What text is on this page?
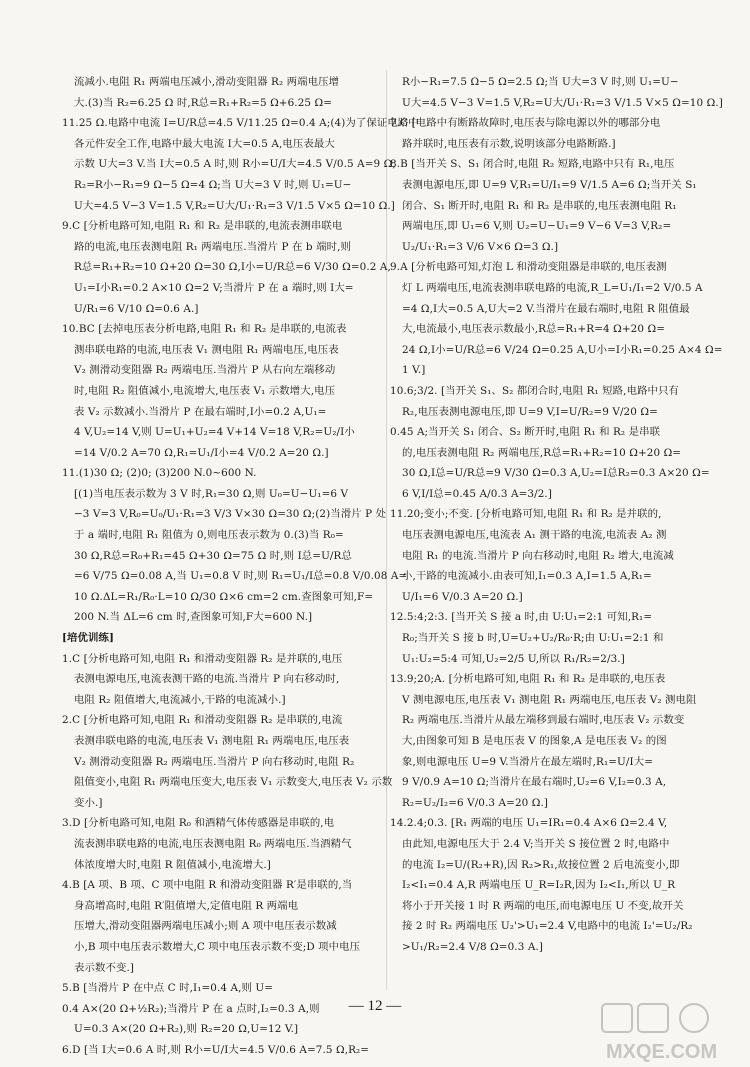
流减小.电阻 R₁ 两端电压减小,滑动变阻器 R₂ 两端电压增

大.(3)当 R₂=6.25 Ω 时,R总=R₁+R₂=5 Ω+6.25 Ω=

11.25 Ω.电路中电流 I=U/R总=4.5 V/11.25 Ω=0.4 A;(4)为了保证电路中

各元件安全工作,电路中最大电流 I大=0.5 A,电压表最大

示数 U大=3 V.当 I大=0.5 A 时,则 R小=U/I大=4.5 V/0.5 A=9 Ω,

R₂=R小−R₁=9 Ω−5 Ω=4 Ω;当 U大=3 V 时,则 U₁=U−

U大=4.5 V−3 V=1.5 V,R₂=U大/U₁·R₁=3 V/1.5 V×5 Ω=10 Ω.]

9.C [分析电路可知,电阻 R₁ 和 R₂ 是串联的,电流表测串联电

路的电流,电压表测电阻 R₁ 两端电压.当滑片 P 在 b 端时,则

R总=R₁+R₂=10 Ω+20 Ω=30 Ω,I小=U/R总=6 V/30 Ω=0.2 A,

U₁=I小R₁=0.2 A×10 Ω=2 V;当滑片 P 在 a 端时,则 I大=

U/R₁=6 V/10 Ω=0.6 A.]

10.BC [去掉电压表分析电路,电阻 R₁ 和 R₂ 是串联的,电流表

测串联电路的电流,电压表 V₁ 测电阻 R₁ 两端电压,电压表

V₂ 测滑动变阻器 R₂ 两端电压.当滑片 P 从右向左端移动

时,电阻 R₂ 阻值减小,电流增大,电压表 V₁ 示数增大,电压

表 V₂ 示数减小.当滑片 P 在最右端时,I小=0.2 A,U₁=

4 V,U₂=14 V,则 U=U₁+U₂=4 V+14 V=18 V,R₂=U₂/I小

=14 V/0.2 A=70 Ω,R₁=U₁/I小=4 V/0.2 A=20 Ω.]

11.(1)30 Ω; (2)0; (3)200 N.0~600 N.

[(1)当电压表示数为 3 V 时,R₁=30 Ω,则 U₀=U−U₁=6 V

−3 V=3 V,R₀=U₀/U₁·R₁=3 V/3 V×30 Ω=30 Ω;(2)当滑片 P 处

于 a 端时,电阻 R₁ 阻值为 0,则电压表示数为 0.(3)当 R₀=

30 Ω,R总=R₀+R₁=45 Ω+30 Ω=75 Ω 时,则 I总=U/R总

=6 V/75 Ω=0.08 A,当 U₁=0.8 V 时,则 R₁=U₁/I总=0.8 V/0.08 A=

10 Ω.ΔL=R₁/R₀·L=10 Ω/30 Ω×6 cm=2 cm.查图象可知,F=

200 N.当 ΔL=6 cm 时,查图象可知,F大=600 N.]

[培优训练]

1.C [分析电路可知,电阻 R₁ 和滑动变阻器 R₂ 是并联的,电压

表测电源电压,电流表测干路的电流.当滑片 P 向右移动时,

电阻 R₂ 阻值增大,电流减小,干路的电流减小.]

2.C [分析电路可知,电阻 R₁ 和滑动变阻器 R₂ 是串联的,电流

表测串联电路的电流,电压表 V₁ 测电阻 R₁ 两端电压,电压表

V₂ 测滑动变阻器 R₂ 两端电压.当滑片 P 向右移动时,电阻 R₂

阻值变小,电阻 R₁ 两端电压变大,电压表 V₁ 示数变大,电压表 V₂ 示数

变小.]

3.D [分析电路可知,电阻 R₀ 和酒精气体传感器是串联的,电

流表测串联电路的电流,电压表测电阻 R₀ 两端电压.当酒精气

体浓度增大时,电阻 R 阻值减小,电流增大.]

4.B [A 项、B 项、C 项中电阻 R 和滑动变阻器 R′是串联的,当

身高增高时,电阻 R′阻值增大,定值电阻 R 两端电

压增大,滑动变阻器两端电压减小;则 A 项中电压表示数减

小,B 项中电压表示数增大,C 项中电压表示数不变;D 项中电压

表示数不变.]

5.B [当滑片 P 在中点 C 时,I₁=0.4 A,则 U=

0.4 A×(20 Ω+½R₂);当滑片 P 在 a 点时,I₂=0.3 A,则

U=0.3 A×(20 Ω+R₂),则 R₂=20 Ω,U=12 V.]

6.D [当 I大=0.6 A 时,则 R小=U/I大=4.5 V/0.6 A=7.5 Ω,R₂=

R小−R₁=7.5 Ω−5 Ω=2.5 Ω;当 U大=3 V 时,则 U₁=U−

U大=4.5 V−3 V=1.5 V,R₂=U大/U₁·R₁=3 V/1.5 V×5 Ω=10 Ω.]

7.C [电路中有断路故障时,电压表与除电源以外的哪部分电

路并联时,电压表有示数,说明该部分电路断路.]

8.B [当开关 S、S₁ 闭合时,电阻 R₂ 短路,电路中只有 R₁,电压

表测电源电压,即 U=9 V,R₁=U/I₁=9 V/1.5 A=6 Ω;当开关 S₁

闭合、S₁ 断开时,电阻 R₁ 和 R₂ 是串联的,电压表测电阻 R₁

两端电压,即 U₁=6 V,则 U₂=U−U₁=9 V−6 V=3 V,R₂=

U₂/U₁·R₁=3 V/6 V×6 Ω=3 Ω.]

9.A [分析电路可知,灯泡 L 和滑动变阻器是串联的,电压表测

灯 L 两端电压,电流表测串联电路的电流,R_L=U₁/I₁=2 V/0.5 A

=4 Ω,I大=0.5 A,U大=2 V.当滑片在最右端时,电阻 R 阻值最

大,电流最小,电压表示数最小,R总=R₁+R=4 Ω+20 Ω=

24 Ω,I小=U/R总=6 V/24 Ω=0.25 A,U小=I小R₁=0.25 A×4 Ω=

1 V.]

10.6;3/2. [当开关 S₁、S₂ 都闭合时,电阻 R₁ 短路,电路中只有

R₂,电压表测电源电压,即 U=9 V,I=U/R₂=9 V/20 Ω=

0.45 A;当开关 S₁ 闭合、S₂ 断开时,电阻 R₁ 和 R₂ 是串联

的,电压表测电阻 R₂ 两端电压,R总=R₁+R₂=10 Ω+20 Ω=

30 Ω,I总=U/R总=9 V/30 Ω=0.3 A,U₂=I总R₂=0.3 A×20 Ω=

6 V,I/I总=0.45 A/0.3 A=3/2.]

11.20;变小;不变. [分析电路可知,电阻 R₁ 和 R₂ 是并联的,

电压表测电源电压,电流表 A₁ 测干路的电流,电流表 A₂ 测

电阻 R₁ 的电流.当滑片 P 向右移动时,电阻 R₂ 增大,电流减

小,干路的电流减小.由表可知,I₁=0.3 A,I=1.5 A,R₁=

U/I₁=6 V/0.3 A=20 Ω.]

12.5:4;2:3. [当开关 S 接 a 时,由 U:U₁=2:1 可知,R₁=

R₀;当开关 S 接 b 时,U=U₂+U₂/R₀·R;由 U:U₁=2:1 和

U₁:U₂=5:4 可知,U₂=2/5 U,所以 R₁/R₂=2/3.]

13.9;20;A. [分析电路可知,电阻 R₁ 和 R₂ 是串联的,电压表

V 测电源电压,电压表 V₁ 测电阻 R₁ 两端电压,电压表 V₂ 测电阻

R₂ 两端电压.当滑片从最左端移到最右端时,电压表 V₂ 示数变

大,由图象可知 B 是电压表 V 的图象,A 是电压表 V₂ 的图

象,则电源电压 U=9 V.当滑片在最左端时,R₁=U/I大=

9 V/0.9 A=10 Ω;当滑片在最右端时,U₂=6 V,I₂=0.3 A,

R₂=U₂/I₂=6 V/0.3 A=20 Ω.]

14.2.4;0.3. [R₁ 两端的电压 U₁=IR₁=0.4 A×6 Ω=2.4 V,

由此知,电源电压大于 2.4 V;当开关 S 接位置 2 时,电路中

的电流 I₂=U/(R₂+R),因 R₂>R₁,故接位置 2 后电流变小,即

I₂<I₁=0.4 A,R 两端电压 U_R=I₂R,因为 I₂<I₁,所以 U_R

将小于开关接 1 时 R 两端的电压,而电源电压 U 不变,故开关

接 2 时 R₂ 两端电压 U₂'>U₁=2.4 V,电路中的电流 I₂'=U₂/R₂

>U₁/R₂=2.4 V/8 Ω=0.3 A.]

— 12 —
MXQE.COM
